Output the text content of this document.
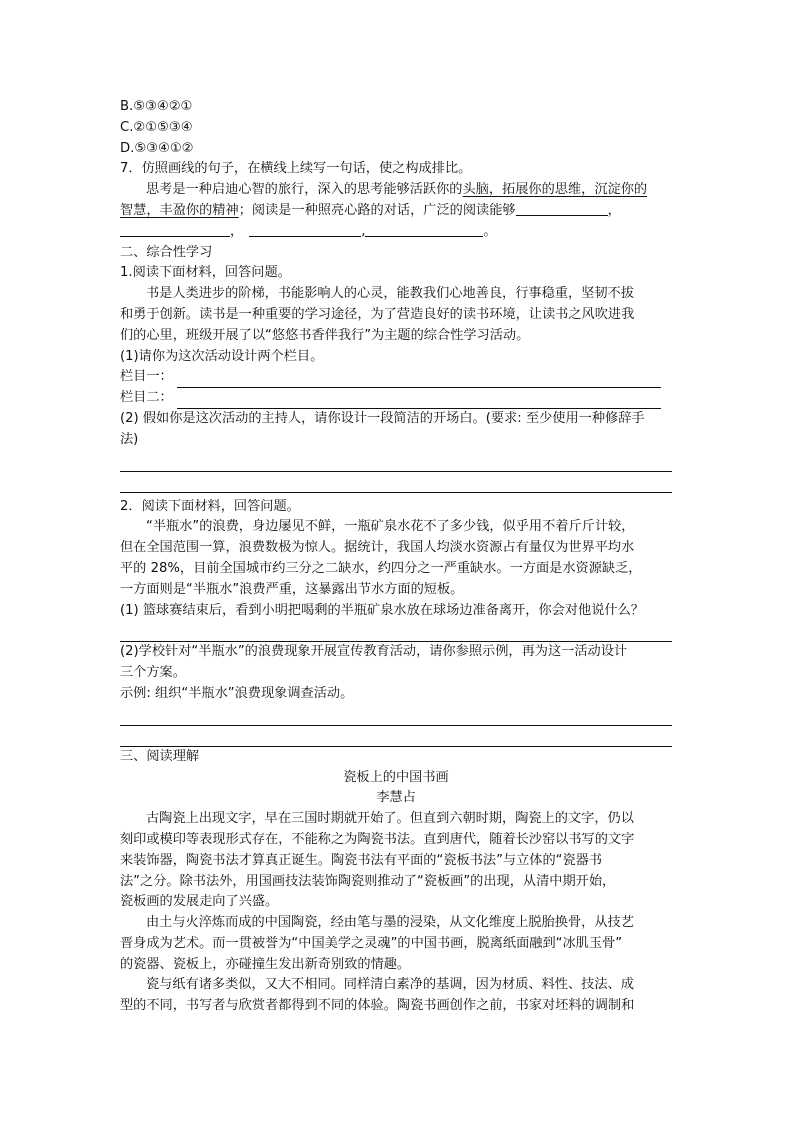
B.⑤③④②①
C.②①⑤③④
D.⑤③④①②
7．仿照画线的句子，在横线上续写一句话，使之构成排比。
思考是一种启迪心智的旅行，深入的思考能够活跃你的头脑，拓展你的思维，沉淀你的
智慧，丰盈你的精神；阅读是一种照亮心路的对话，广泛的阅读能够	，
，	,	。
二、综合性学习
1.阅读下面材料，回答问题。
书是人类进步的阶梯，书能影响人的心灵，能教我们心地善良，行事稳重，坚韧不拔
和勇于创新。读书是一种重要的学习途径，为了营造良好的读书环境，让读书之风吹进我
们的心里，班级开展了以“悠悠书香伴我行”为主题的综合性学习活动。
(1)请你为这次活动设计两个栏目。
栏目一：
栏目二：
(2) 假如你是这次活动的主持人，请你设计一段简洁的开场白。(要求: 至少使用一种修辞手
法)
2．阅读下面材料，回答问题。
“半瓶水”的浪费，身边屡见不鲜，一瓶矿泉水花不了多少钱，似乎用不着斤斤计较，
但在全国范围一算，浪费数极为惊人。据统计，我国人均淡水资源占有量仅为世界平均水
平的 28%，目前全国城市约三分之二缺水，约四分之一严重缺水。一方面是水资源缺乏，
一方面则是“半瓶水”浪费严重，这暴露出节水方面的短板。
(1) 篮球赛结束后，看到小明把喝剩的半瓶矿泉水放在球场边准备离开，你会对他说什么？
(2)学校针对“半瓶水”的浪费现象开展宣传教育活动，请你参照示例，再为这一活动设计
三个方案。
示例: 组织“半瓶水”浪费现象调查活动。
三、阅读理解
瓷板上的中国书画
李慧占
古陶瓷上出现文字，早在三国时期就开始了。但直到六朝时期，陶瓷上的文字，仍以
刻印或模印等表现形式存在，不能称之为陶瓷书法。直到唐代，随着长沙窑以书写的文字
来装饰器，陶瓷书法才算真正诞生。陶瓷书法有平面的“瓷板书法”与立体的“瓷器书
法”之分。除书法外，用国画技法装饰陶瓷则推动了“瓷板画”的出现，从清中期开始，
瓷板画的发展走向了兴盛。
由土与火淬炼而成的中国陶瓷，经由笔与墨的浸染，从文化维度上脱胎换骨，从技艺
晋身成为艺术。而一贯被誉为“中国美学之灵魂”的中国书画，脱离纸面融到“冰肌玉骨”
的瓷器、瓷板上，亦碰撞生发出新奇别致的情趣。
瓷与纸有诸多类似，又大不相同。同样清白素净的基调，因为材质、料性、技法、成
型的不同，书写者与欣赏者都得到不同的体验。陶瓷书画创作之前，书家对坯料的调制和
